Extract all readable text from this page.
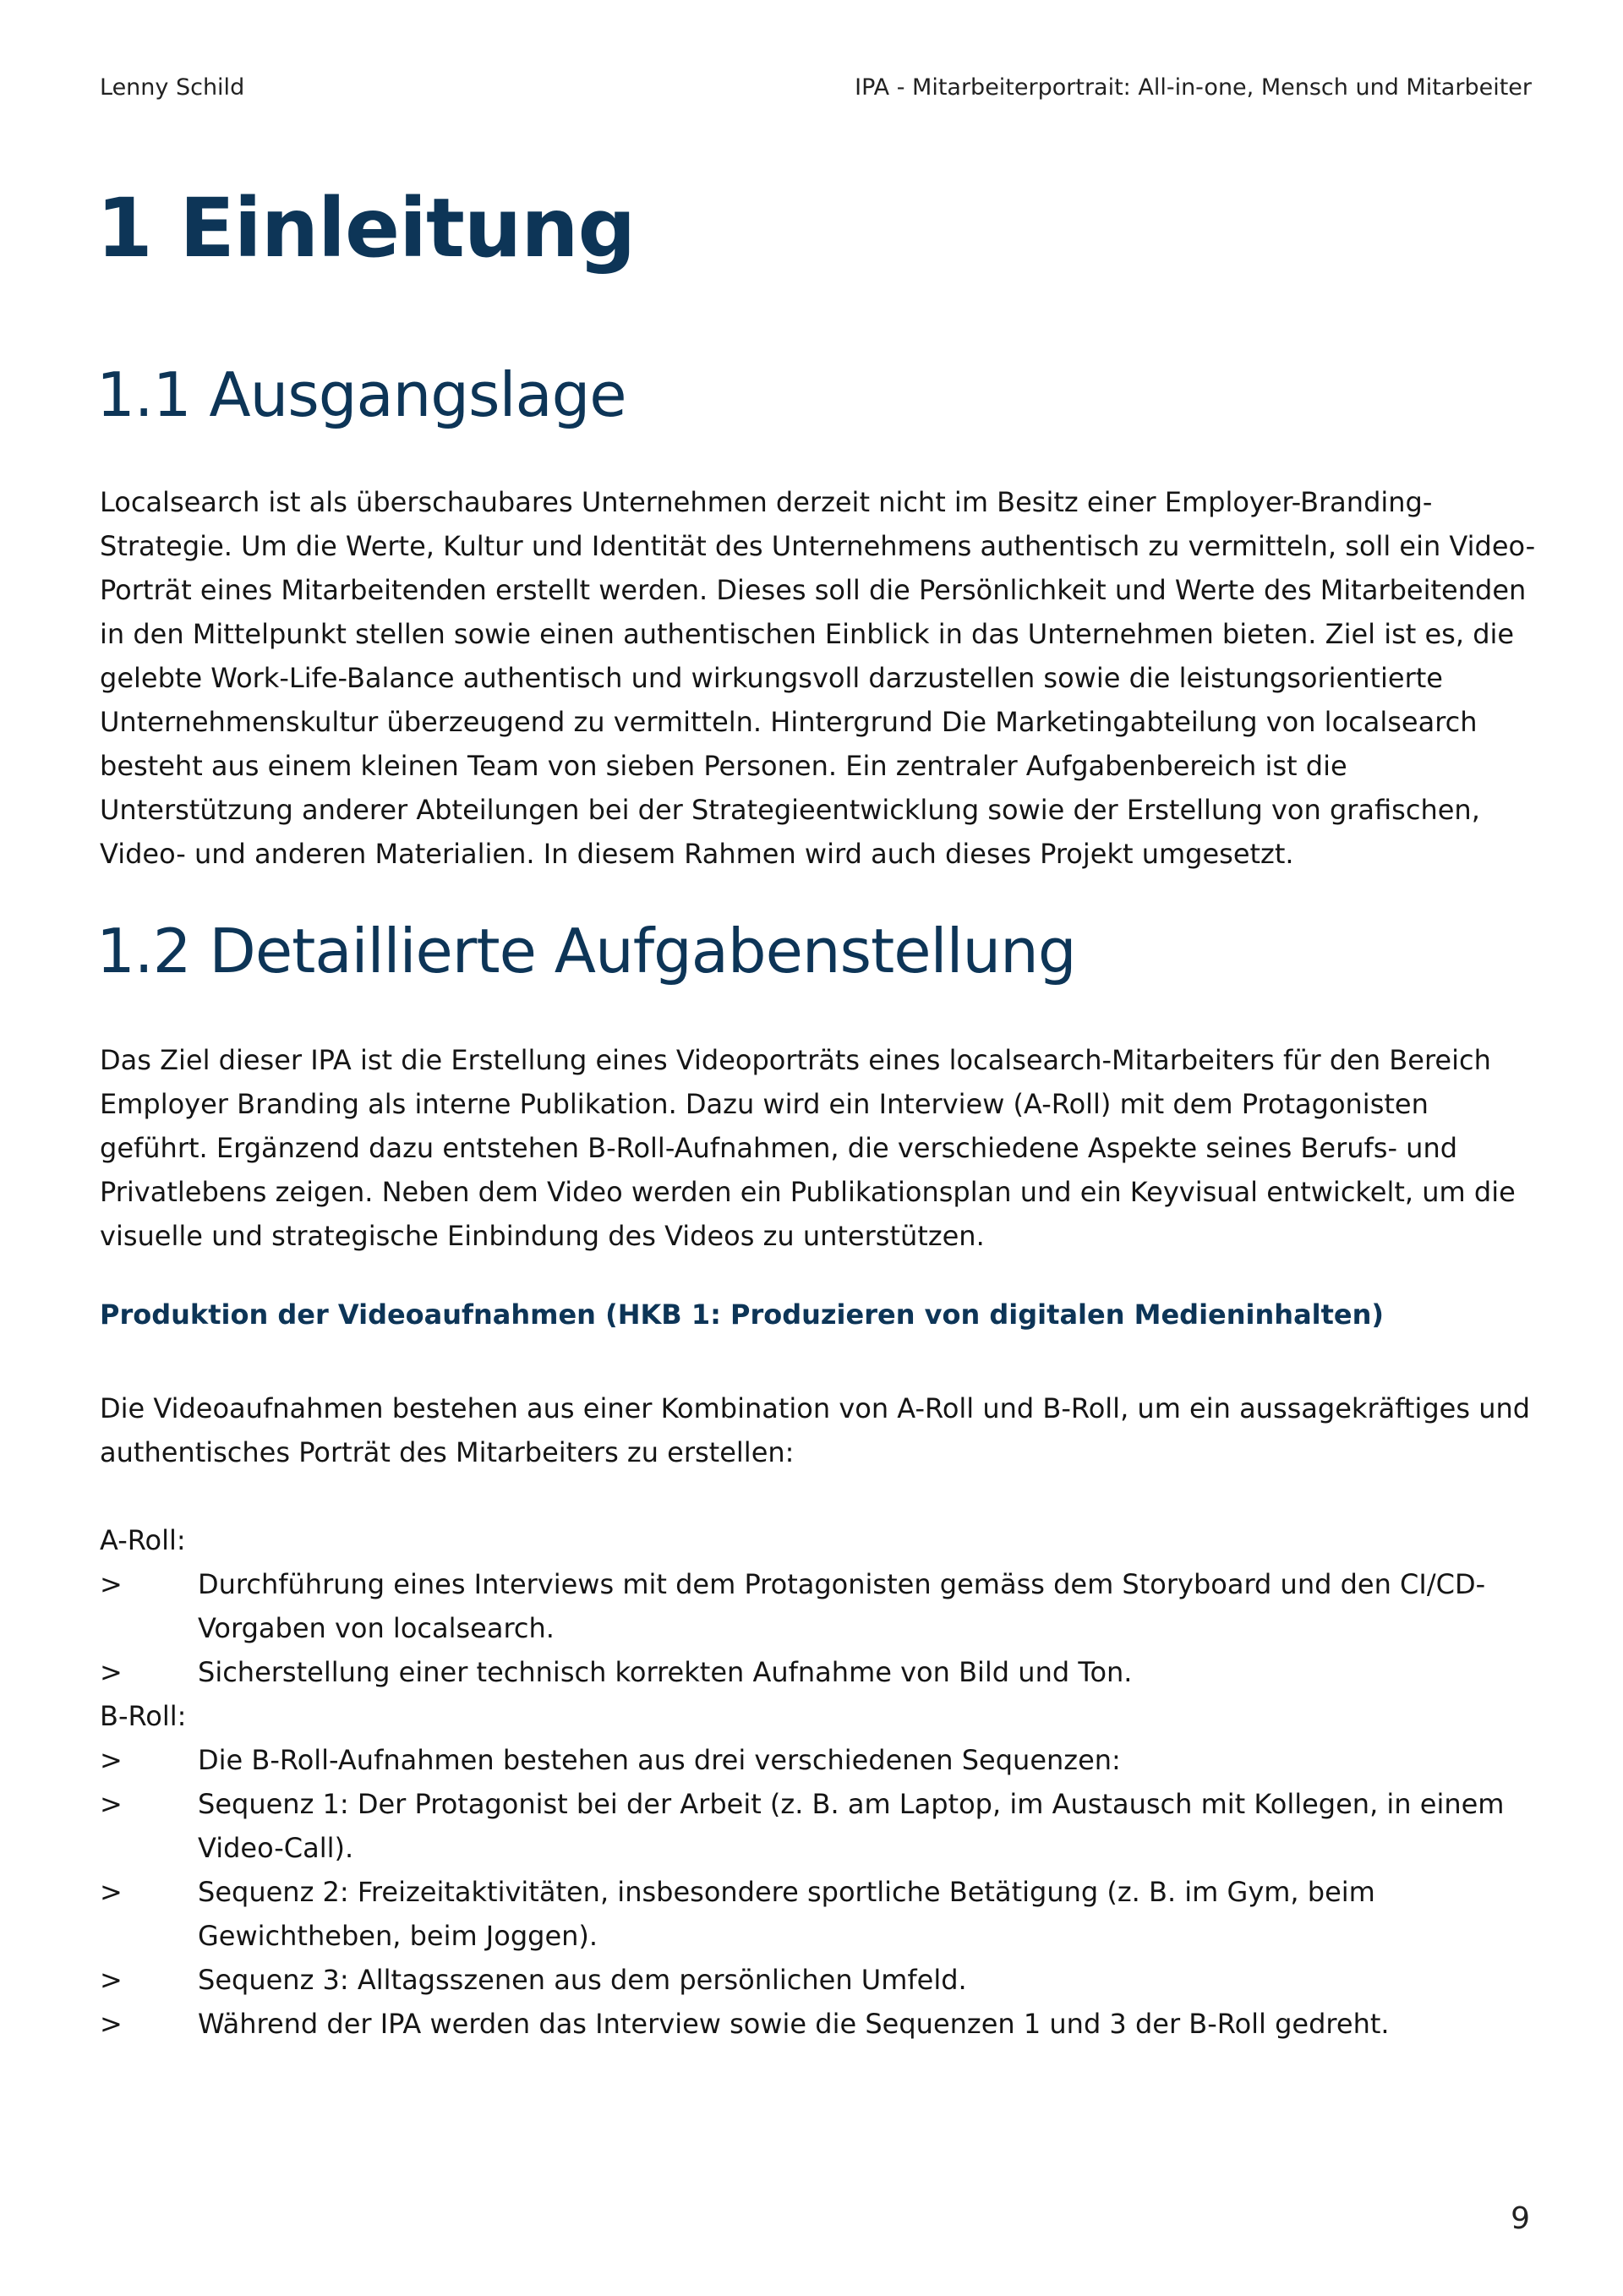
Lenny Schild	IPA - Mitarbeiterportrait: All-in-one, Mensch und Mitarbeiter
1 Einleitung
1.1 Ausgangslage
Localsearch ist als überschaubares Unternehmen derzeit nicht im Besitz einer Employer-Branding-Strategie. Um die Werte, Kultur und Identität des Unternehmens authentisch zu vermitteln, soll ein Video-Porträt eines Mitarbeitenden erstellt werden. Dieses soll die Persönlichkeit und Werte des Mitarbeitenden in den Mittelpunkt stellen sowie einen authentischen Einblick in das Unternehmen bieten. Ziel ist es, die gelebte Work-Life-Balance authentisch und wirkungsvoll darzustellen sowie die leistungsorientierte Unternehmenskultur überzeugend zu vermitteln. Hintergrund Die Marketingabteilung von localsearch besteht aus einem kleinen Team von sieben Personen. Ein zentraler Aufgabenbereich ist die Unterstützung anderer Abteilungen bei der Strategieentwicklung sowie der Erstellung von grafischen, Video- und anderen Materialien. In diesem Rahmen wird auch dieses Projekt umgesetzt.
1.2 Detaillierte Aufgabenstellung
Das Ziel dieser IPA ist die Erstellung eines Videoporträts eines localsearch-Mitarbeiters für den Bereich Employer Branding als interne Publikation. Dazu wird ein Interview (A-Roll) mit dem Protagonisten geführt. Ergänzend dazu entstehen B-Roll-Aufnahmen, die verschiedene Aspekte seines Berufs- und Privatlebens zeigen. Neben dem Video werden ein Publikationsplan und ein Keyvisual entwickelt, um die visuelle und strategische Einbindung des Videos zu unterstützen.
Produktion der Videoaufnahmen (HKB 1: Produzieren von digitalen Medieninhalten)
Die Videoaufnahmen bestehen aus einer Kombination von A-Roll und B-Roll, um ein aussagekräftiges und authentisches Porträt des Mitarbeiters zu erstellen:
A-Roll:
>	Durchführung eines Interviews mit dem Protagonisten gemäss dem Storyboard und den CI/CD-Vorgaben von localsearch.
>	Sicherstellung einer technisch korrekten Aufnahme von Bild und Ton.
B-Roll:
>	Die B-Roll-Aufnahmen bestehen aus drei verschiedenen Sequenzen:
>	Sequenz 1: Der Protagonist bei der Arbeit (z. B. am Laptop, im Austausch mit Kollegen, in einem Video-Call).
>	Sequenz 2: Freizeitaktivitäten, insbesondere sportliche Betätigung (z. B. im Gym, beim Gewichtheben, beim Joggen).
>	Sequenz 3: Alltagsszenen aus dem persönlichen Umfeld.
>	Während der IPA werden das Interview sowie die Sequenzen 1 und 3 der B-Roll gedreht.
9
